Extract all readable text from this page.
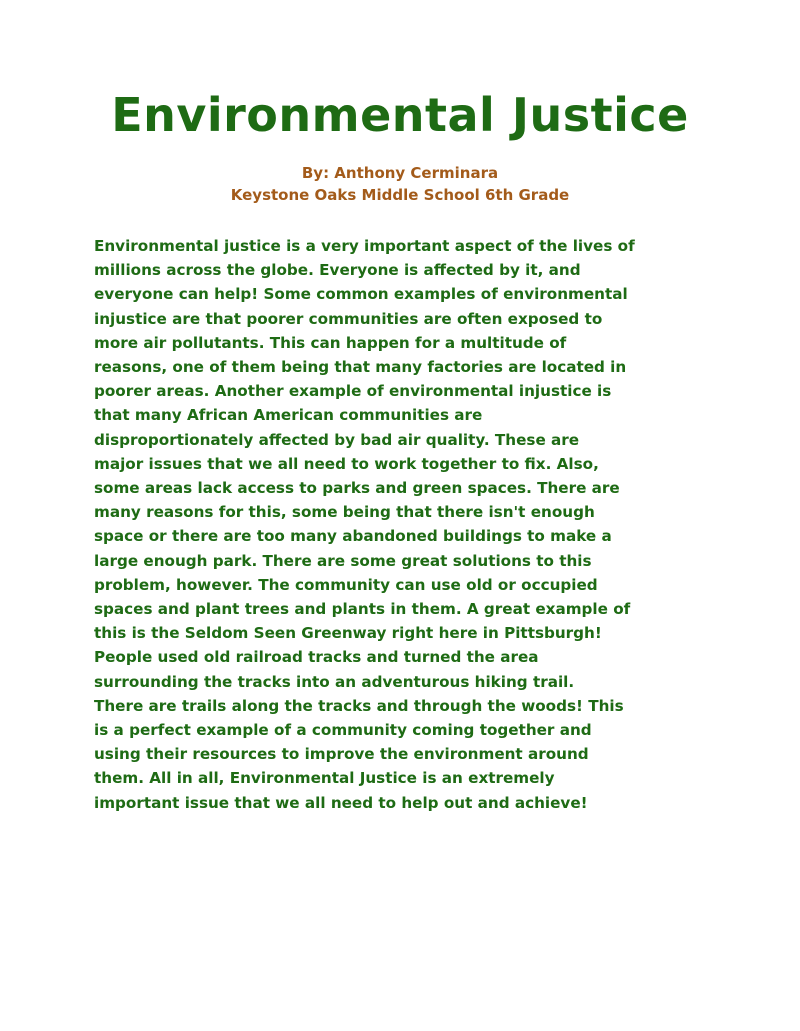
Environmental Justice
By: Anthony Cerminara
Keystone Oaks Middle School 6th Grade
Environmental justice is a very important aspect of the lives of
millions across the globe. Everyone is affected by it, and
everyone can help! Some common examples of environmental
injustice are that poorer communities are often exposed to
more air pollutants. This can happen for a multitude of
reasons, one of them being that many factories are located in
poorer areas. Another example of environmental injustice is
that many African American communities are
disproportionately affected by bad air quality. These are
major issues that we all need to work together to fix. Also,
some areas lack access to parks and green spaces. There are
many reasons for this, some being that there isn't enough
space or there are too many abandoned buildings to make a
large enough park. There are some great solutions to this
problem, however. The community can use old or occupied
spaces and plant trees and plants in them. A great example of
this is the Seldom Seen Greenway right here in Pittsburgh!
People used old railroad tracks and turned the area
surrounding the tracks into an adventurous hiking trail.
There are trails along the tracks and through the woods! This
is a perfect example of a community coming together and
using their resources to improve the environment around
them. All in all, Environmental Justice is an extremely
important issue that we all need to help out and achieve!
